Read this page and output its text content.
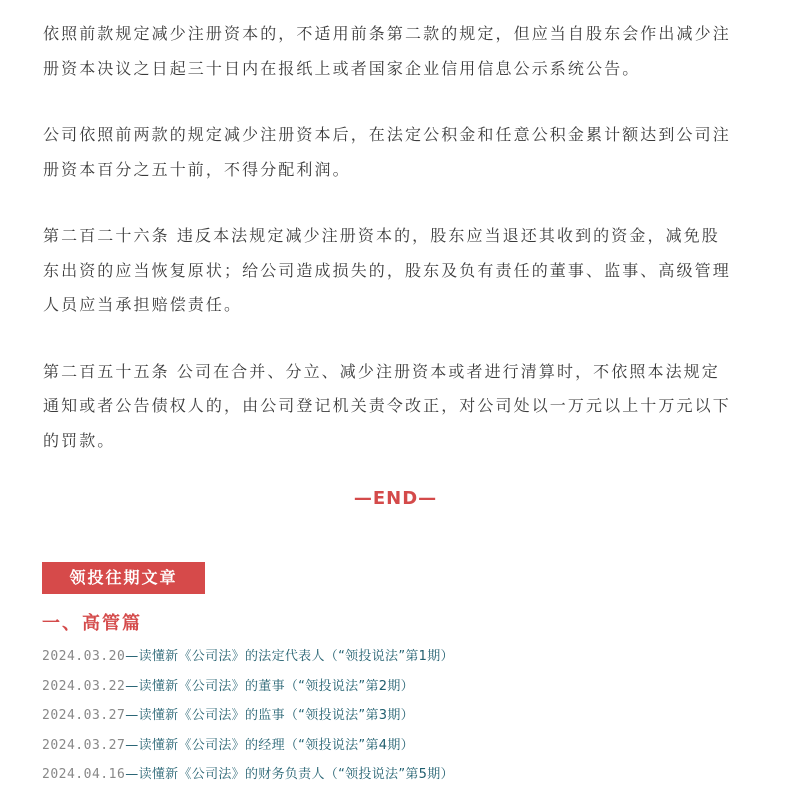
依照前款规定减少注册资本的，不适用前条第二款的规定，但应当自股东会作出减少注
册资本决议之日起三十日内在报纸上或者国家企业信用信息公示系统公告。
公司依照前两款的规定减少注册资本后，在法定公积金和任意公积金累计额达到公司注
册资本百分之五十前，不得分配利润。
第二百二十六条 违反本法规定减少注册资本的，股东应当退还其收到的资金，减免股
东出资的应当恢复原状；给公司造成损失的，股东及负有责任的董事、监事、高级管理
人员应当承担赔偿责任。
第二百五十五条 公司在合并、分立、减少注册资本或者进行清算时，不依照本法规定
通知或者公告债权人的，由公司登记机关责令改正，对公司处以一万元以上十万元以下
的罚款。
—END—
领投往期文章
一、高管篇
2024.03.20—读懂新《公司法》的法定代表人（“领投说法”第1期）
2024.03.22—读懂新《公司法》的董事（“领投说法”第2期）
2024.03.27—读懂新《公司法》的监事（“领投说法”第3期）
2024.03.27—读懂新《公司法》的经理（“领投说法”第4期）
2024.04.16—读懂新《公司法》的财务负责人（“领投说法”第5期）
